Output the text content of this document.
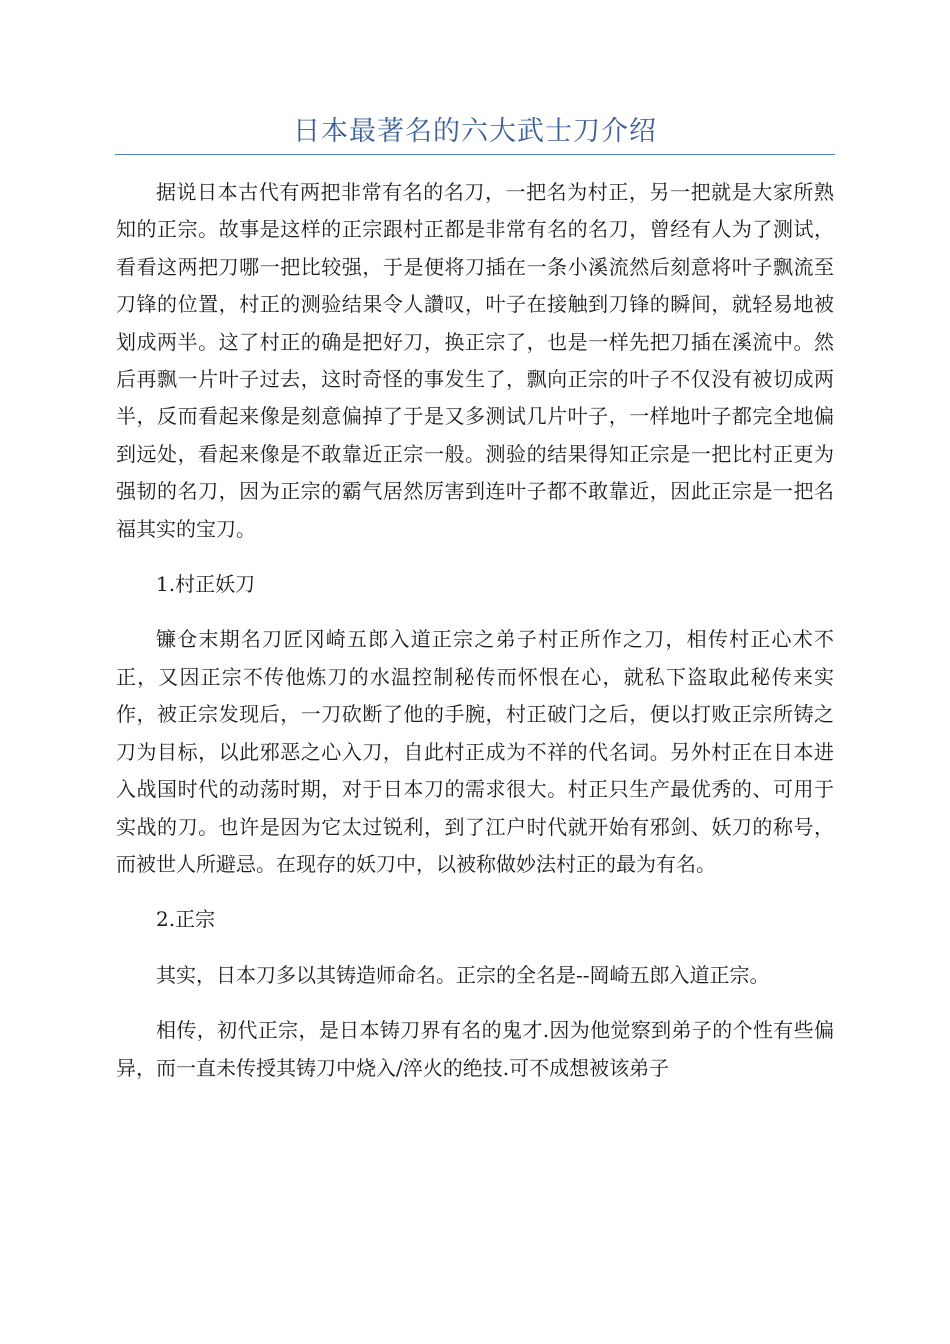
日本最著名的六大武士刀介绍

据说日本古代有两把非常有名的名刀，一把名为村正，另一把就是大家所熟知的正宗。故事是这样的正宗跟村正都是非常有名的名刀，曾经有人为了测试，看看这两把刀哪一把比较强，于是便将刀插在一条小溪流然后刻意将叶子飘流至刀锋的位置，村正的测验结果令人讚叹，叶子在接触到刀锋的瞬间，就轻易地被划成两半。这了村正的确是把好刀，换正宗了，也是一样先把刀插在溪流中。然后再飘一片叶子过去，这时奇怪的事发生了，飘向正宗的叶子不仅没有被切成两半，反而看起来像是刻意偏掉了于是又多测试几片叶子，一样地叶子都完全地偏到远处，看起来像是不敢靠近正宗一般。测验的结果得知正宗是一把比村正更为强韧的名刀，因为正宗的霸气居然厉害到连叶子都不敢靠近，因此正宗是一把名福其实的宝刀。

1.村正妖刀

镰仓末期名刀匠冈崎五郎入道正宗之弟子村正所作之刀，相传村正心术不正，又因正宗不传他炼刀的水温控制秘传而怀恨在心，就私下盗取此秘传来实作，被正宗发现后，一刀砍断了他的手腕，村正破门之后，便以打败正宗所铸之刀为目标，以此邪恶之心入刀，自此村正成为不祥的代名词。另外村正在日本进入战国时代的动荡时期，对于日本刀的需求很大。村正只生产最优秀的、可用于实战的刀。也许是因为它太过锐利，到了江户时代就开始有邪剑、妖刀的称号，而被世人所避忌。在现存的妖刀中，以被称做妙法村正的最为有名。

2.正宗

其实，日本刀多以其铸造师命名。正宗的全名是--岡崎五郎入道正宗。

相传，初代正宗，是日本铸刀界有名的鬼才.因为他觉察到弟子的个性有些偏异，而一直未传授其铸刀中烧入/淬火的绝技.可不成想被该弟子
